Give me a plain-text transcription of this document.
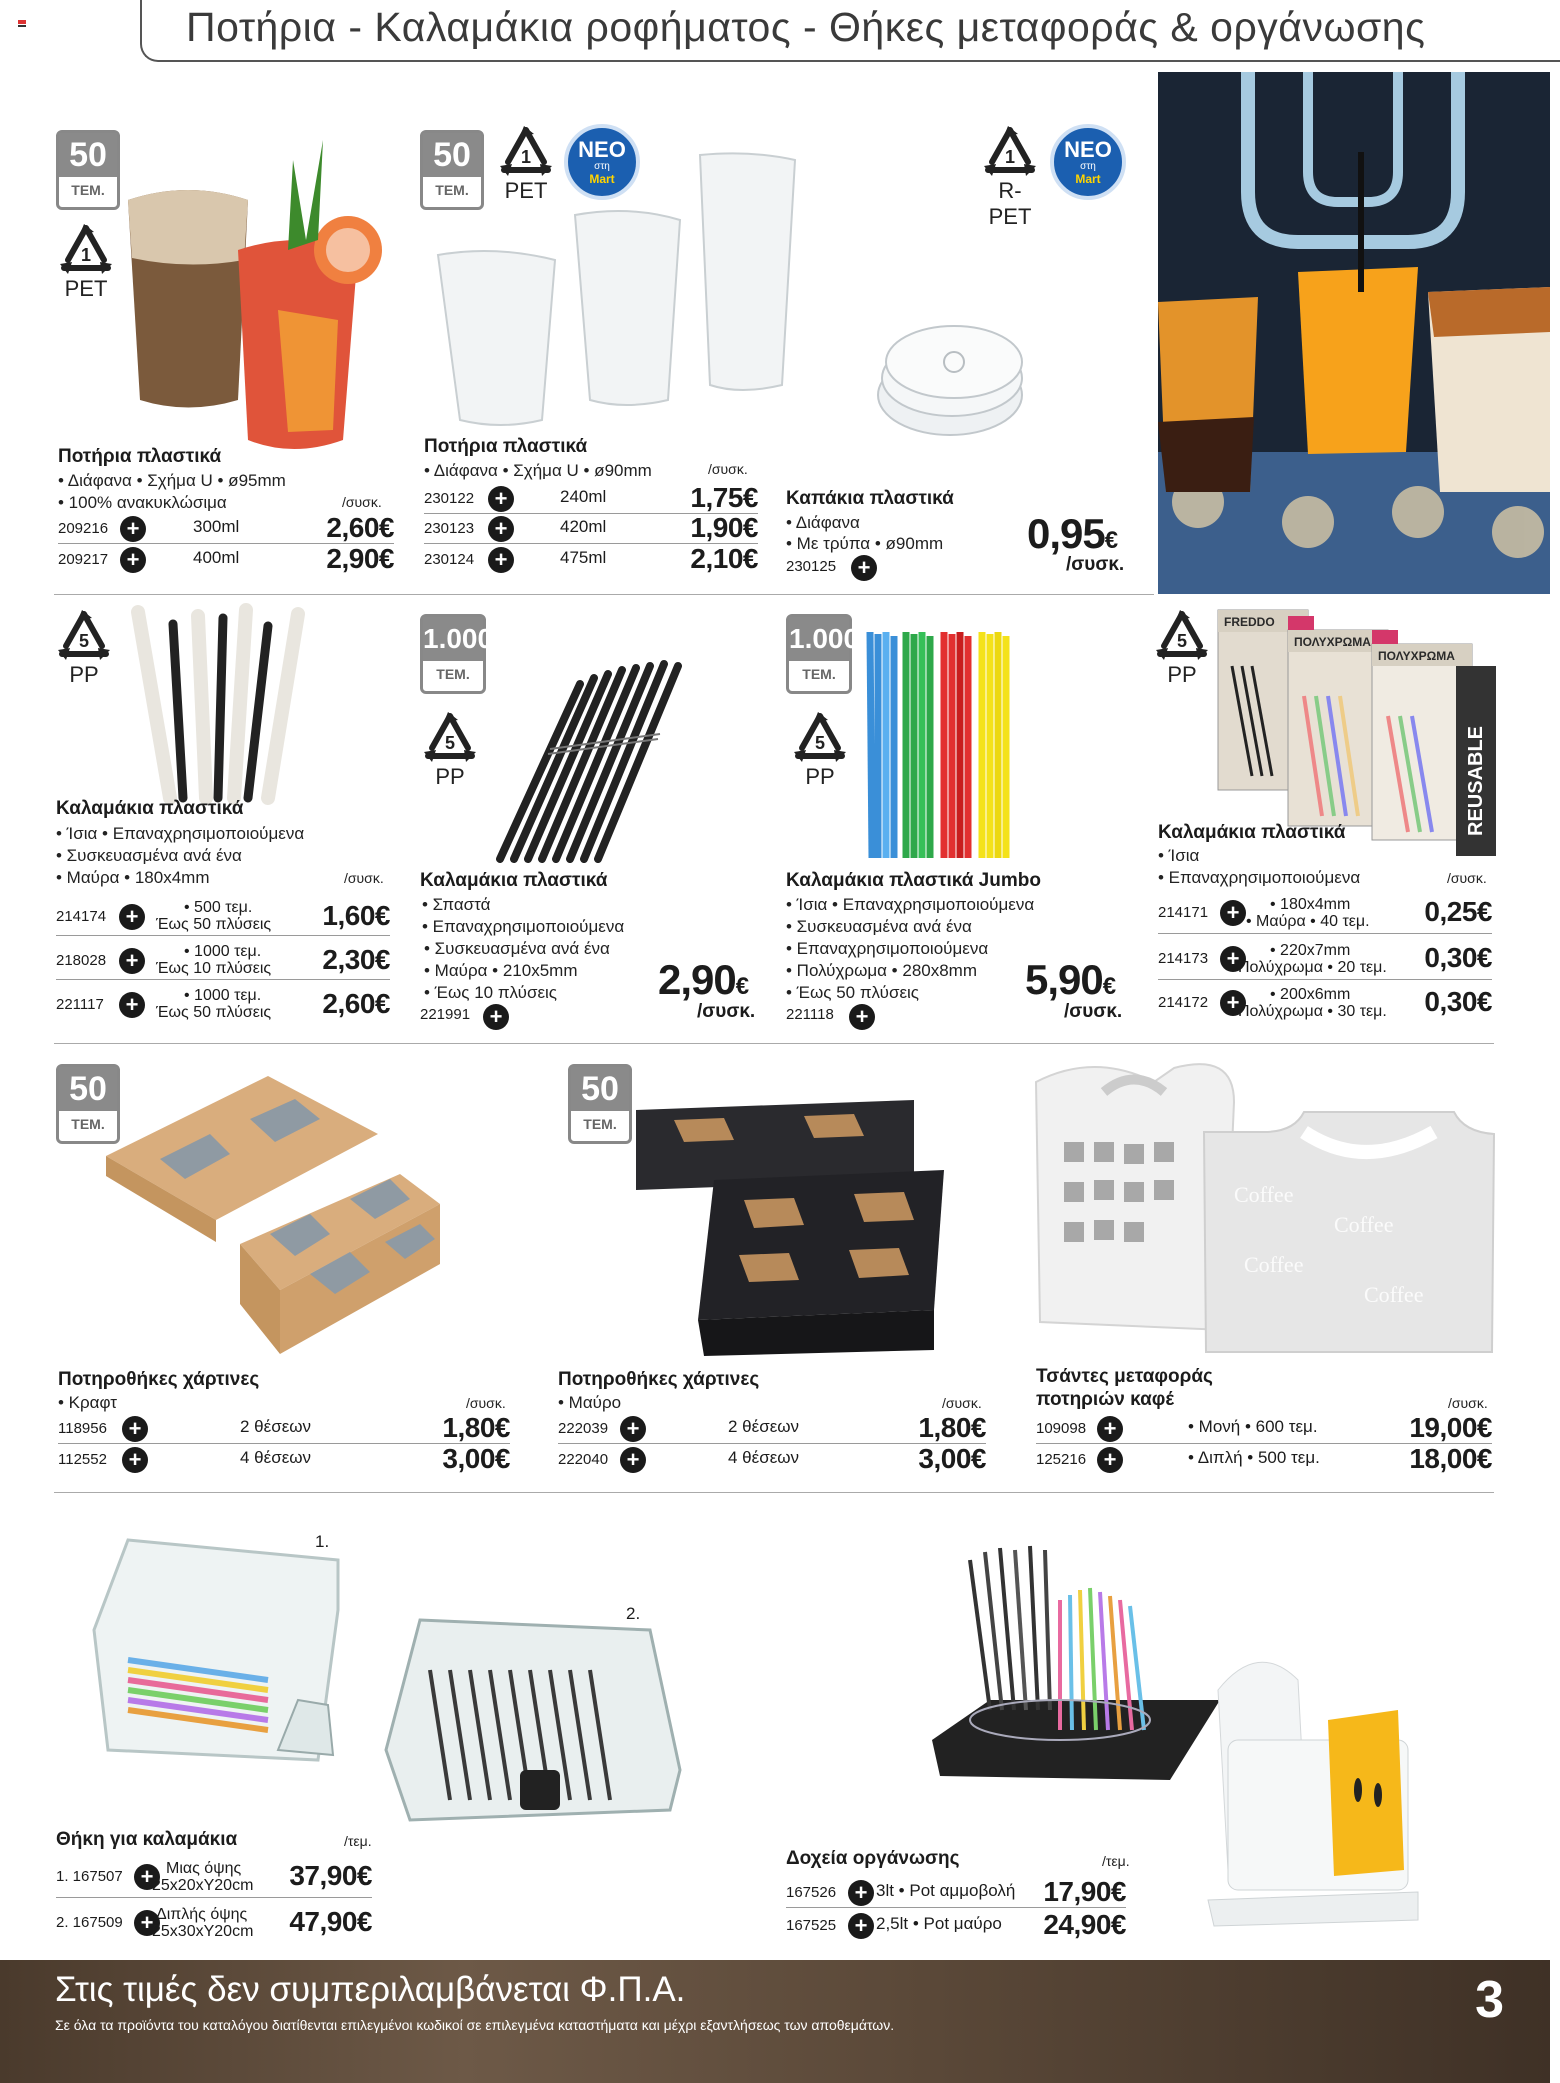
Ποτήρια - Καλαμάκια ροφήματος - Θήκες μεταφοράς & οργάνωσης
50
ΤΕΜ.
1
PET
Ποτήρια πλαστικά
• Διάφανα • Σχήμα U • ø95mm
• 100% ανακυκλώσιμα	/συσκ.
209216 +	300ml	2,60€
209217 +	400ml	2,90€
50
ΤΕΜ.
1
PET
ΝΕΟ
στη
Mart
Ποτήρια πλαστικά
• Διάφανα • Σχήμα U • ø90mm	/συσκ.
230122 +	240ml	1,75€
230123 +	420ml	1,90€
230124 +	475ml	2,10€
1
R-PET
ΝΕΟ
στη
Mart
Καπάκια πλαστικά
• Διάφανα
• Με τρύπα • ø90mm
230125 +
0,95€
/συσκ.
5
PP
Καλαμάκια πλαστικά
• Ίσια • Επαναχρησιμοποιούμενα
• Συσκευασμένα ανά ένα
• Μαύρα • 180x4mm	/συσκ.
214174 +	• 500 τεμ.
Έως 50 πλύσεις 1,60€
218028 +	• 1000 τεμ.
Έως 10 πλύσεις 2,30€
221117 +	• 1000 τεμ.
Έως 50 πλύσεις 2,60€
1.000
ΤΕΜ.
5
PP
Καλαμάκια πλαστικά
• Σπαστά
• Επαναχρησιμοποιούμενα
• Συσκευασμένα ανά ένα
• Μαύρα • 210x5mm
• Έως 10 πλύσεις
221991 +
2,90€
/συσκ.
1.000
ΤΕΜ.
5
PP
Καλαμάκια πλαστικά Jumbo
• Ίσια • Επαναχρησιμοποιούμενα
• Συσκευασμένα ανά ένα
• Επαναχρησιμοποιούμενα
• Πολύχρωμα • 280x8mm
• Έως 50 πλύσεις
221118 +
5,90€
/συσκ.
5
PP
FREDDO
ΠΟΛΥΧΡΩΜΑ
ΠΟΛΥΧΡΩΜΑ
REUSABLE
Καλαμάκια πλαστικά
• Ίσια
• Επαναχρησιμοποιούμενα	/συσκ.
214171 +	• 180x4mm
• Μαύρα • 40 τεμ. 0,25€
214173 +	• 220x7mm
Πολύχρωμα • 20 τεμ. 0,30€
214172 +	• 200x6mm
Πολύχρωμα • 30 τεμ. 0,30€
50
ΤΕΜ.
Ποτηροθήκες χάρτινες
• Κραφτ	/συσκ.
118956 +	2 θέσεων	1,80€
112552 +	4 θέσεων	3,00€
50
ΤΕΜ.
Ποτηροθήκες χάρτινες
• Μαύρο	/συσκ.
222039 +	2 θέσεων	1,80€
222040 +	4 θέσεων	3,00€
Coffee
Coffee
Coffee
Coffee
Τσάντες μεταφοράς
ποτηριών καφέ	/συσκ.
109098 +	• Μονή • 600 τεμ.	19,00€
125216 +	• Διπλή • 500 τεμ.	18,00€
1.
2.
Θήκη για καλαμάκια	/τεμ.
1. 167507 + Μιας όψης
25x20xY20cm 37,90€
2. 167509 + Διπλής όψης
25x30xY20cm 47,90€
Δοχεία οργάνωσης	/τεμ.
167526 + 3lt • Pot αμμοβολή 17,90€
167525 + 2,5lt • Pot μαύρο 24,90€
Στις τιμές δεν συμπεριλαμβάνεται Φ.Π.Α.
Σε όλα τα προϊόντα του καταλόγου διατίθενται επιλεγμένοι κωδικοί σε επιλεγμένα καταστήματα και μέχρι εξαντλήσεως των αποθεμάτων.	3
